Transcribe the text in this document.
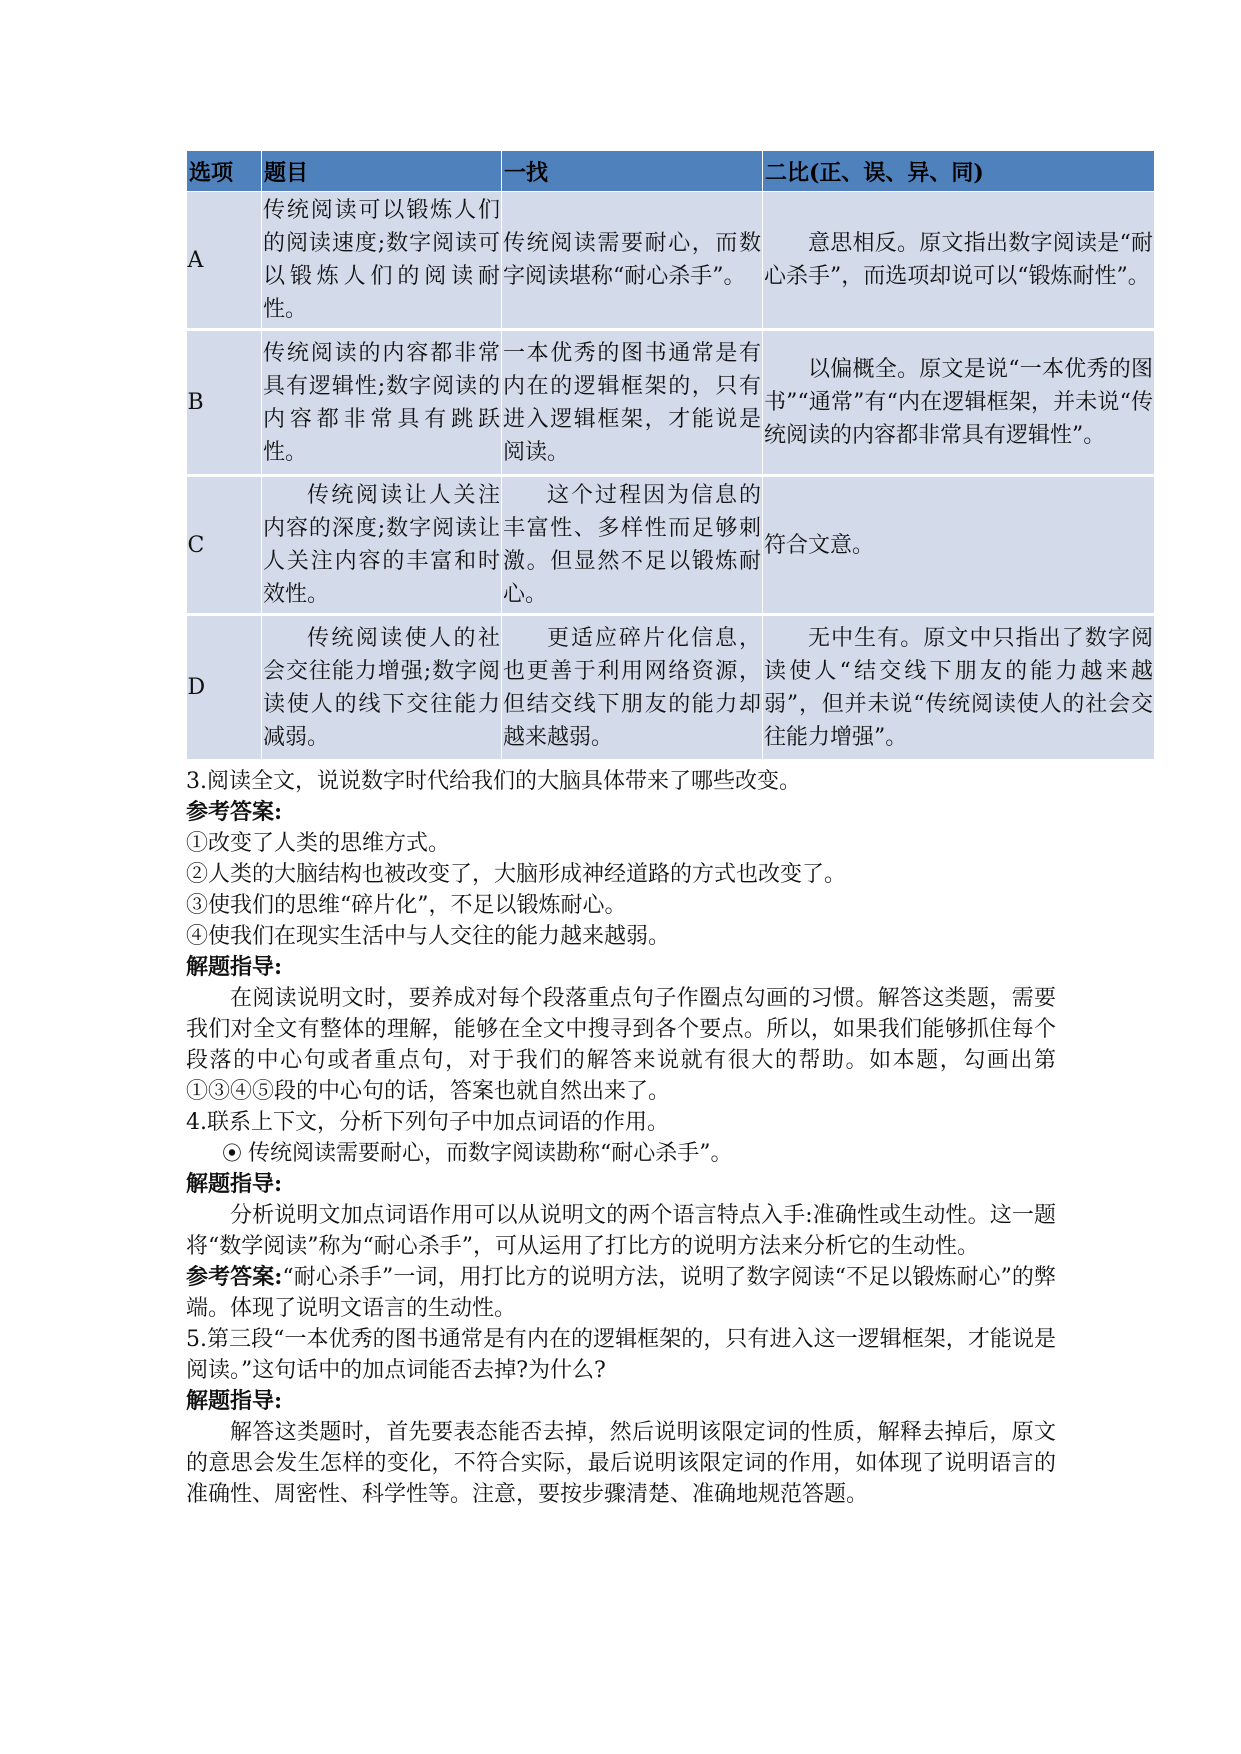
选项	题目	一找	二比(正、误、异、同)
A	传统阅读可以锻炼人们的阅读速度;数字阅读可以锻炼人们的阅读耐性。	传统阅读需要耐心，而数字阅读堪称“耐心杀手”。	意思相反。原文指出数字阅读是“耐心杀手”，而选项却说可以“锻炼耐性”。
B	传统阅读的内容都非常具有逻辑性;数字阅读的内容都非常具有跳跃性。	一本优秀的图书通常是有内在的逻辑框架的，只有进入逻辑框架，才能说是阅读。	以偏概全。原文是说“一本优秀的图书”“通常”有“内在逻辑框架，并未说“传统阅读的内容都非常具有逻辑性”。
C	传统阅读让人关注内容的深度;数字阅读让人关注内容的丰富和时效性。	这个过程因为信息的丰富性、多样性而足够刺激。但显然不足以锻炼耐心。	符合文意。
D	传统阅读使人的社会交往能力增强;数字阅读使人的线下交往能力减弱。	更适应碎片化信息，也更善于利用网络资源，但结交线下朋友的能力却越来越弱。	无中生有。原文中只指出了数字阅读使人“结交线下朋友的能力越来越弱”，但并未说“传统阅读使人的社会交往能力增强”。

3.阅读全文，说说数字时代给我们的大脑具体带来了哪些改变。

参考答案:

①改变了人类的思维方式。

②人类的大脑结构也被改变了，大脑形成神经道路的方式也改变了。

③使我们的思维“碎片化”，不足以锻炼耐心。

④使我们在现实生活中与人交往的能力越来越弱。

解题指导:

在阅读说明文时，要养成对每个段落重点句子作圈点勾画的习惯。解答这类题，需要我们对全文有整体的理解，能够在全文中搜寻到各个要点。所以，如果我们能够抓住每个段落的中心句或者重点句，对于我们的解答来说就有很大的帮助。如本题，勾画出第①③④⑤段的中心句的话，答案也就自然出来了。

4.联系上下文，分析下列句子中加点词语的作用。

⦿ 传统阅读需要耐心，而数字阅读勘称“耐心杀手”。

解题指导:

分析说明文加点词语作用可以从说明文的两个语言特点入手:准确性或生动性。这一题将“数学阅读”称为“耐心杀手”，可从运用了打比方的说明方法来分析它的生动性。

参考答案:“耐心杀手”一词，用打比方的说明方法，说明了数字阅读“不足以锻炼耐心”的弊端。体现了说明文语言的生动性。

5.第三段“一本优秀的图书通常是有内在的逻辑框架的，只有进入这一逻辑框架，才能说是阅读。”这句话中的加点词能否去掉?为什么?

解题指导:

解答这类题时，首先要表态能否去掉，然后说明该限定词的性质，解释去掉后，原文的意思会发生怎样的变化，不符合实际，最后说明该限定词的作用，如体现了说明语言的准确性、周密性、科学性等。注意，要按步骤清楚、准确地规范答题。
